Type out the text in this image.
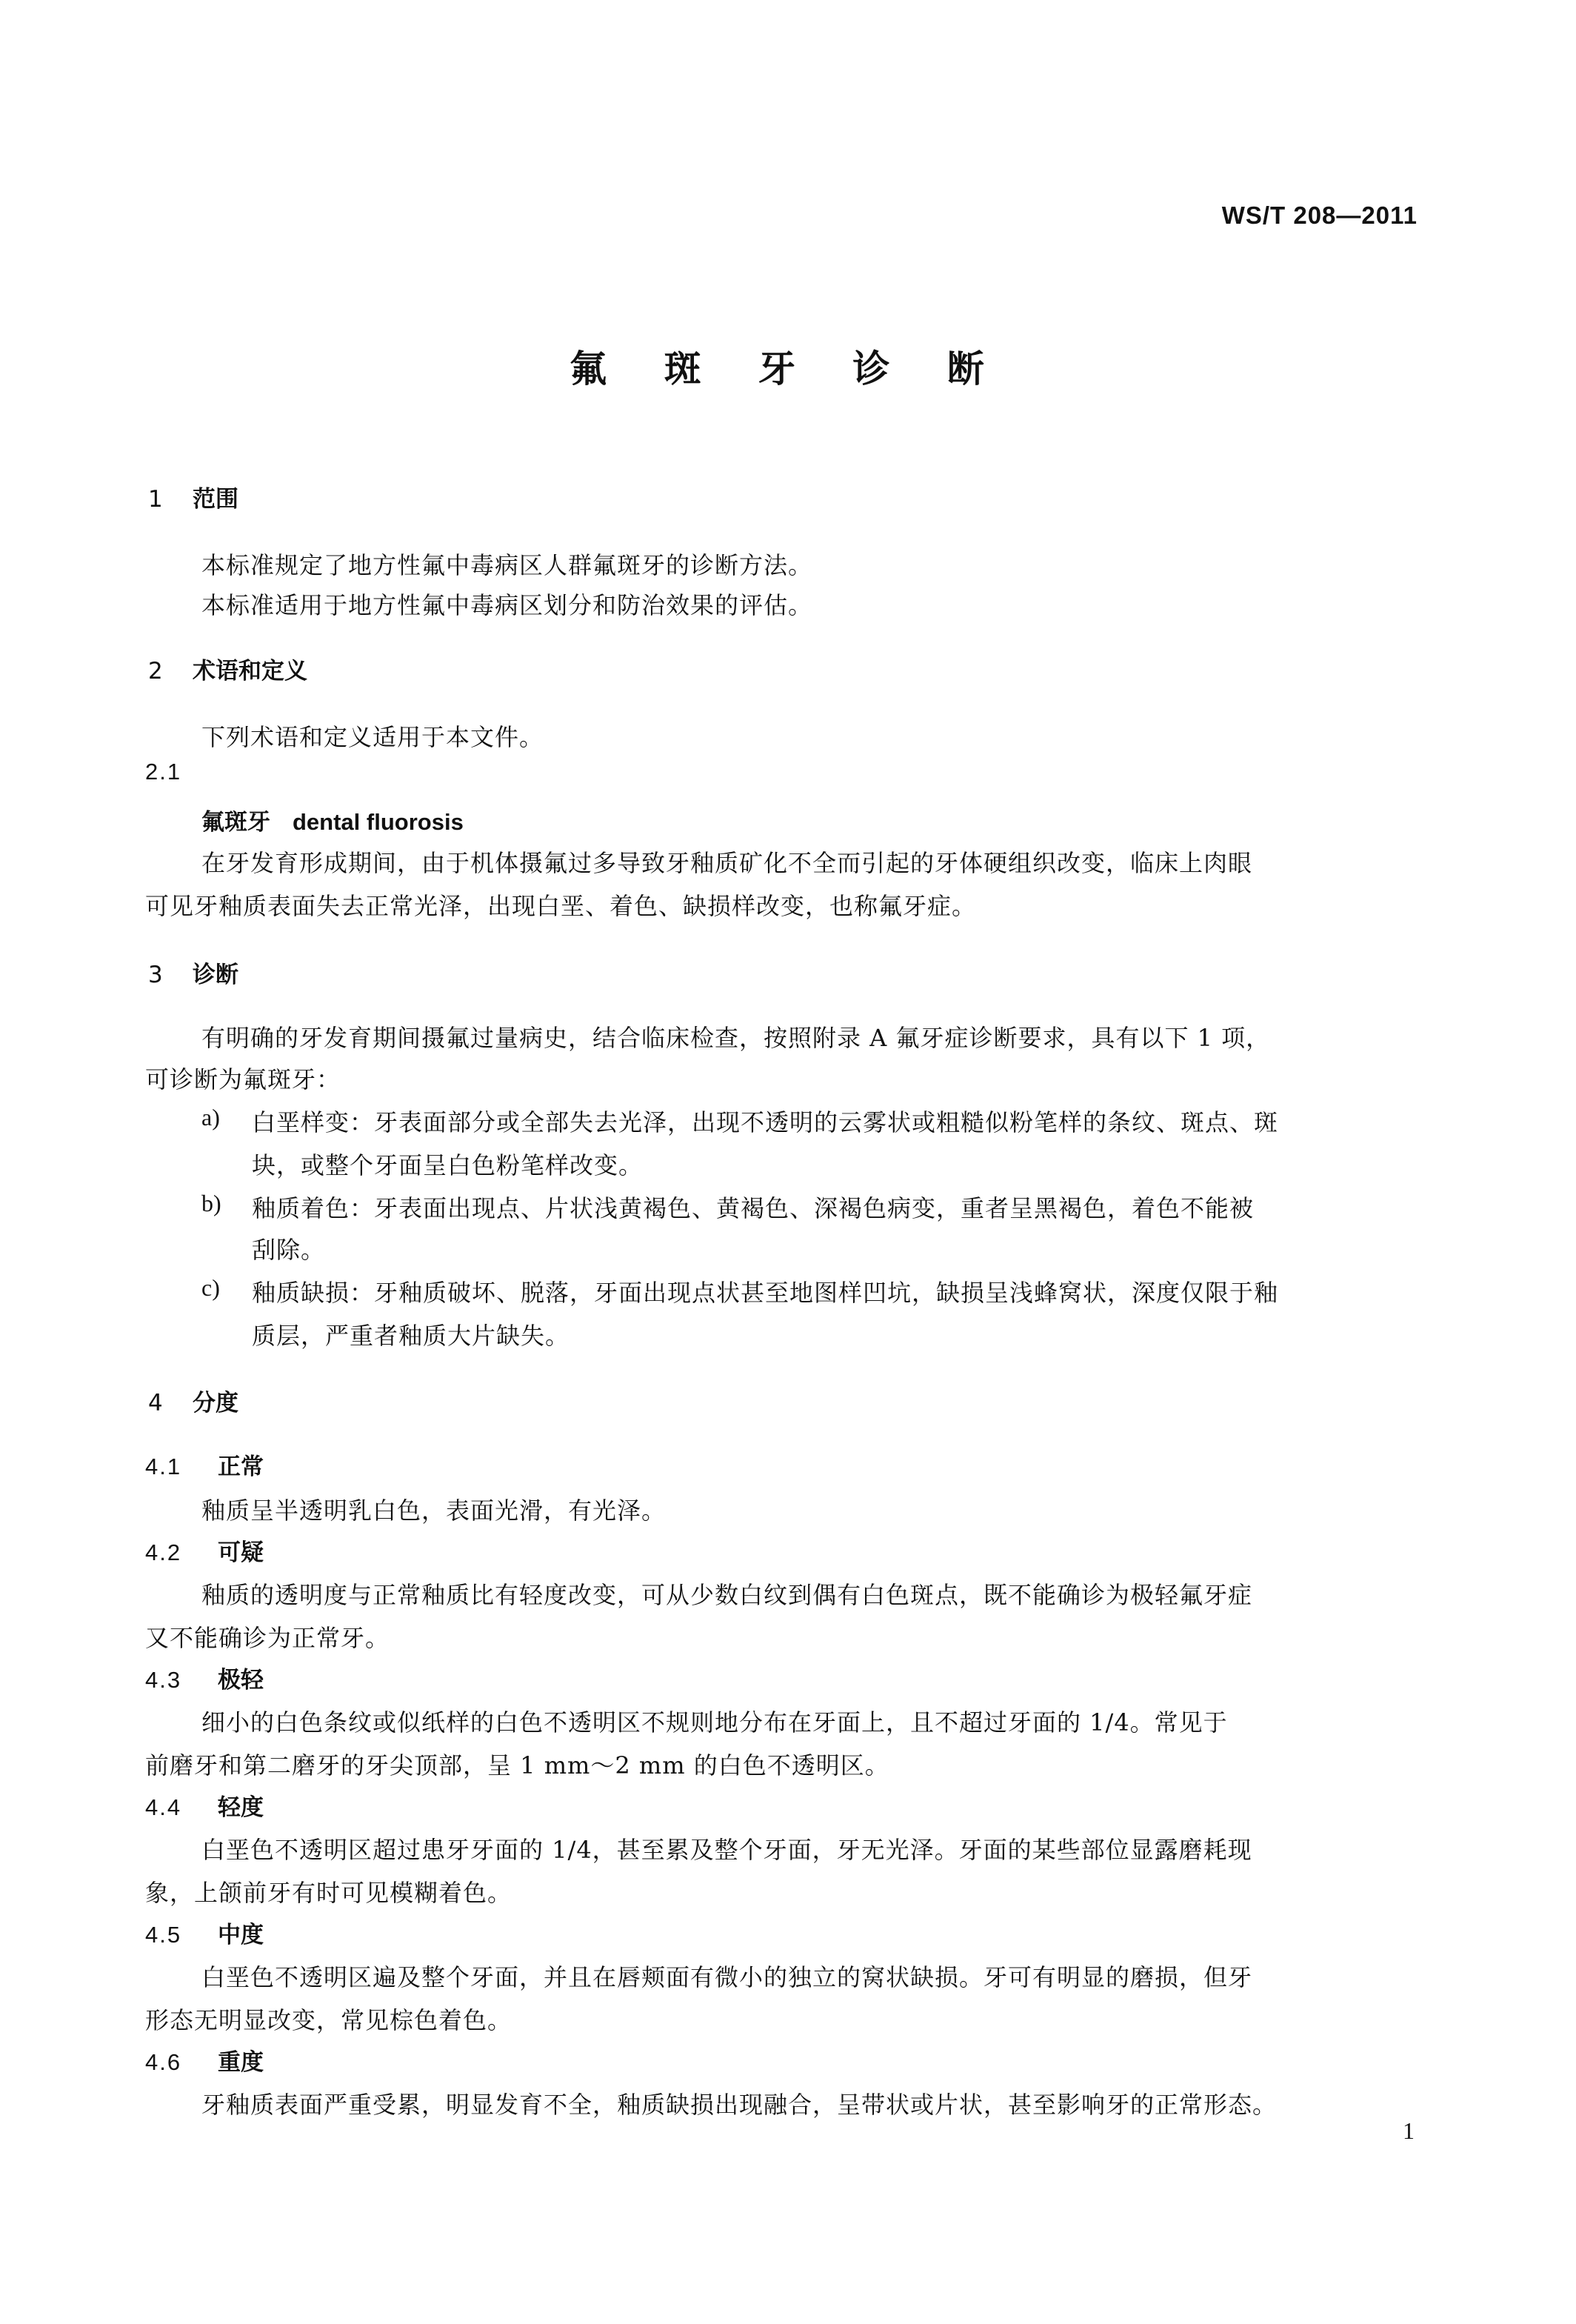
WS/T 208—2011
氟 斑 牙 诊 断
1 范围
本标准规定了地方性氟中毒病区人群氟斑牙的诊断方法。
本标准适用于地方性氟中毒病区划分和防治效果的评估。
2 术语和定义
下列术语和定义适用于本文件。
2.1
氟斑牙 dental fluorosis
在牙发育形成期间，由于机体摄氟过多导致牙釉质矿化不全而引起的牙体硬组织改变，临床上肉眼
可见牙釉质表面失去正常光泽，出现白垩、着色、缺损样改变，也称氟牙症。
3 诊断
有明确的牙发育期间摄氟过量病史，结合临床检查，按照附录 A 氟牙症诊断要求，具有以下 1 项，
可诊断为氟斑牙：
a) 白垩样变：牙表面部分或全部失去光泽，出现不透明的云雾状或粗糙似粉笔样的条纹、斑点、斑
块，或整个牙面呈白色粉笔样改变。
b) 釉质着色：牙表面出现点、片状浅黄褐色、黄褐色、深褐色病变，重者呈黑褐色，着色不能被
刮除。
c) 釉质缺损：牙釉质破坏、脱落，牙面出现点状甚至地图样凹坑，缺损呈浅蜂窝状，深度仅限于釉
质层，严重者釉质大片缺失。
4 分度
4.1 正常
釉质呈半透明乳白色，表面光滑，有光泽。
4.2 可疑
釉质的透明度与正常釉质比有轻度改变，可从少数白纹到偶有白色斑点，既不能确诊为极轻氟牙症
又不能确诊为正常牙。
4.3 极轻
细小的白色条纹或似纸样的白色不透明区不规则地分布在牙面上，且不超过牙面的 1/4。常见于
前磨牙和第二磨牙的牙尖顶部，呈 1 mm～2 mm 的白色不透明区。
4.4 轻度
白垩色不透明区超过患牙牙面的 1/4，甚至累及整个牙面，牙无光泽。牙面的某些部位显露磨耗现
象，上颌前牙有时可见模糊着色。
4.5 中度
白垩色不透明区遍及整个牙面，并且在唇颊面有微小的独立的窝状缺损。牙可有明显的磨损，但牙
形态无明显改变，常见棕色着色。
4.6 重度
牙釉质表面严重受累，明显发育不全，釉质缺损出现融合，呈带状或片状，甚至影响牙的正常形态。
1
